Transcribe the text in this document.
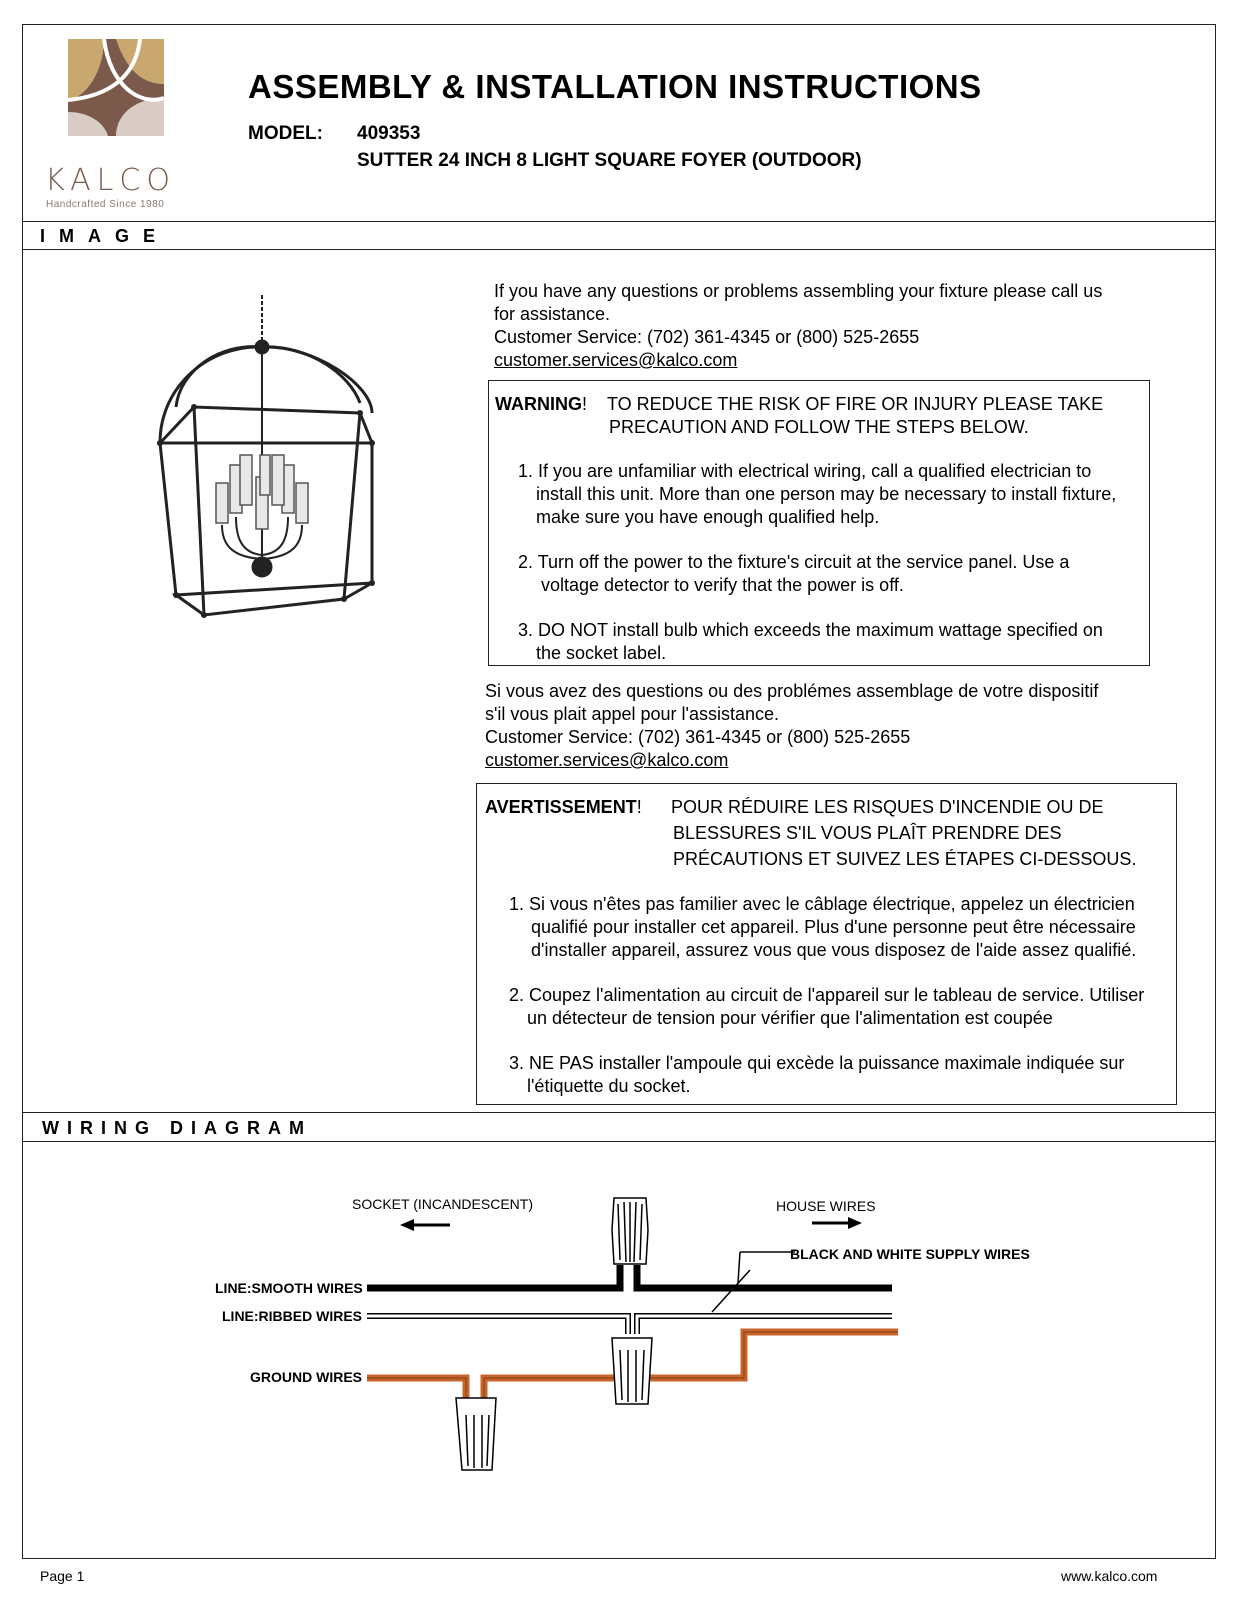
KALCO
Handcrafted Since 1980
ASSEMBLY & INSTALLATION INSTRUCTIONS
MODEL: 409353
SUTTER 24 INCH 8 LIGHT SQUARE FOYER (OUTDOOR)
IMAGE

If you have any questions or problems assembling your fixture please call us

for assistance.

Customer Service: (702) 361-4345 or (800) 525-2655

customer.services@kalco.com

WARNING! TO REDUCE THE RISK OF FIRE OR INJURY PLEASE TAKE
PRECAUTION AND FOLLOW THE STEPS BELOW.
1. If you are unfamiliar with electrical wiring, call a qualified electrician to
install this unit. More than one person may be necessary to install fixture,
make sure you have enough qualified help.
2. Turn off the power to the fixture's circuit at the service panel. Use a
voltage detector to verify that the power is off.
3. DO NOT install bulb which exceeds the maximum wattage specified on
the socket label.

Si vous avez des questions ou des problémes assemblage de votre dispositif

s'il vous plait appel pour l'assistance.

Customer Service: (702) 361-4345 or (800) 525-2655

customer.services@kalco.com

AVERTISSEMENT! POUR RÉDUIRE LES RISQUES D'INCENDIE OU DE
BLESSURES S'IL VOUS PLAÎT PRENDRE DES
PRÉCAUTIONS ET SUIVEZ LES ÉTAPES CI-DESSOUS.
1. Si vous n'êtes pas familier avec le câblage électrique, appelez un électricien
qualifié pour installer cet appareil. Plus d'une personne peut être nécessaire
d'installer appareil, assurez vous que vous disposez de l'aide assez qualifié.
2. Coupez l'alimentation au circuit de l'appareil sur le tableau de service. Utiliser
un détecteur de tension pour vérifier que l'alimentation est coupée
3. NE PAS installer l'ampoule qui excède la puissance maximale indiquée sur
l'étiquette du socket.
WIRING DIAGRAM
SOCKET (INCANDESCENT)	HOUSE WIRES
BLACK AND WHITE SUPPLY WIRES
LINE:SMOOTH WIRES
LINE:RIBBED WIRES
GROUND WIRES
Page 1	www.kalco.com
